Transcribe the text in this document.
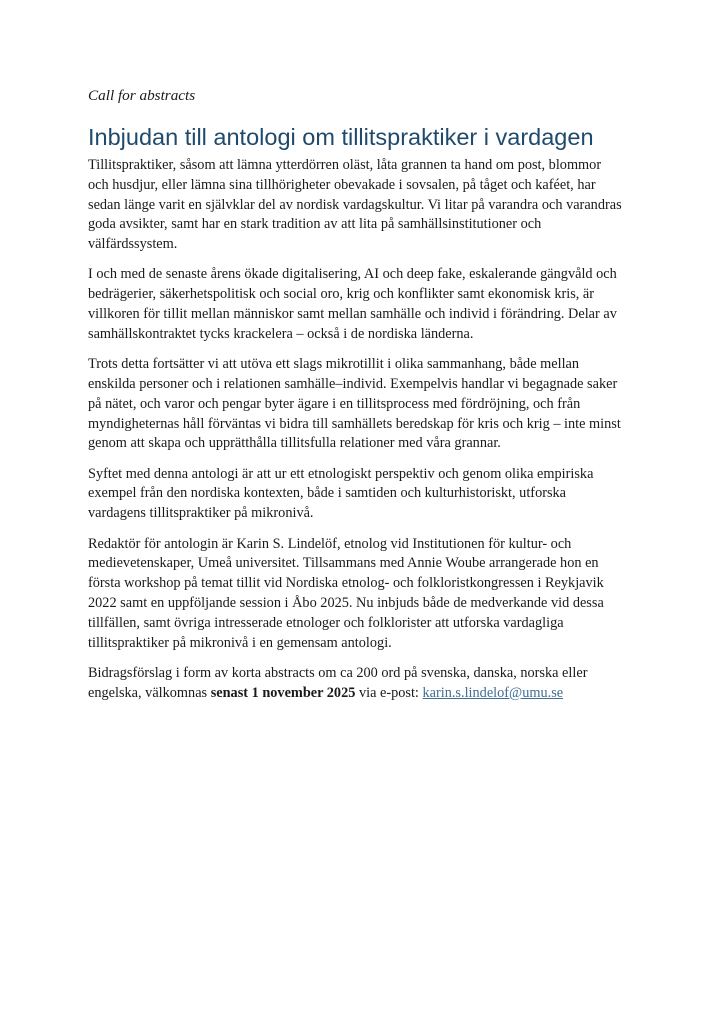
Call for abstracts

Inbjudan till antologi om tillitspraktiker i vardagen

Tillitspraktiker, såsom att lämna ytterdörren oläst, låta grannen ta hand om post, blommor
och husdjur, eller lämna sina tillhörigheter obevakade i sovsalen, på tåget och kaféet, har
sedan länge varit en självklar del av nordisk vardagskultur. Vi litar på varandra och varandras
goda avsikter, samt har en stark tradition av att lita på samhällsinstitutioner och
välfärdssystem.

I och med de senaste årens ökade digitalisering, AI och deep fake, eskalerande gängvåld och
bedrägerier, säkerhetspolitisk och social oro, krig och konflikter samt ekonomisk kris, är
villkoren för tillit mellan människor samt mellan samhälle och individ i förändring. Delar av
samhällskontraktet tycks krackelera – också i de nordiska länderna.

Trots detta fortsätter vi att utöva ett slags mikrotillit i olika sammanhang, både mellan
enskilda personer och i relationen samhälle–individ. Exempelvis handlar vi begagnade saker
på nätet, och varor och pengar byter ägare i en tillitsprocess med fördröjning, och från
myndigheternas håll förväntas vi bidra till samhällets beredskap för kris och krig – inte minst
genom att skapa och upprätthålla tillitsfulla relationer med våra grannar.

Syftet med denna antologi är att ur ett etnologiskt perspektiv och genom olika empiriska
exempel från den nordiska kontexten, både i samtiden och kulturhistoriskt, utforska
vardagens tillitspraktiker på mikronivå.

Redaktör för antologin är Karin S. Lindelöf, etnolog vid Institutionen för kultur- och
medievetenskaper, Umeå universitet. Tillsammans med Annie Woube arrangerade hon en
första workshop på temat tillit vid Nordiska etnolog- och folkloristkongressen i Reykjavik
2022 samt en uppföljande session i Åbo 2025. Nu inbjuds både de medverkande vid dessa
tillfällen, samt övriga intresserade etnologer och folklorister att utforska vardagliga
tillitspraktiker på mikronivå i en gemensam antologi.

Bidragsförslag i form av korta abstracts om ca 200 ord på svenska, danska, norska eller
engelska, välkomnas senast 1 november 2025 via e-post: karin.s.lindelof@umu.se
